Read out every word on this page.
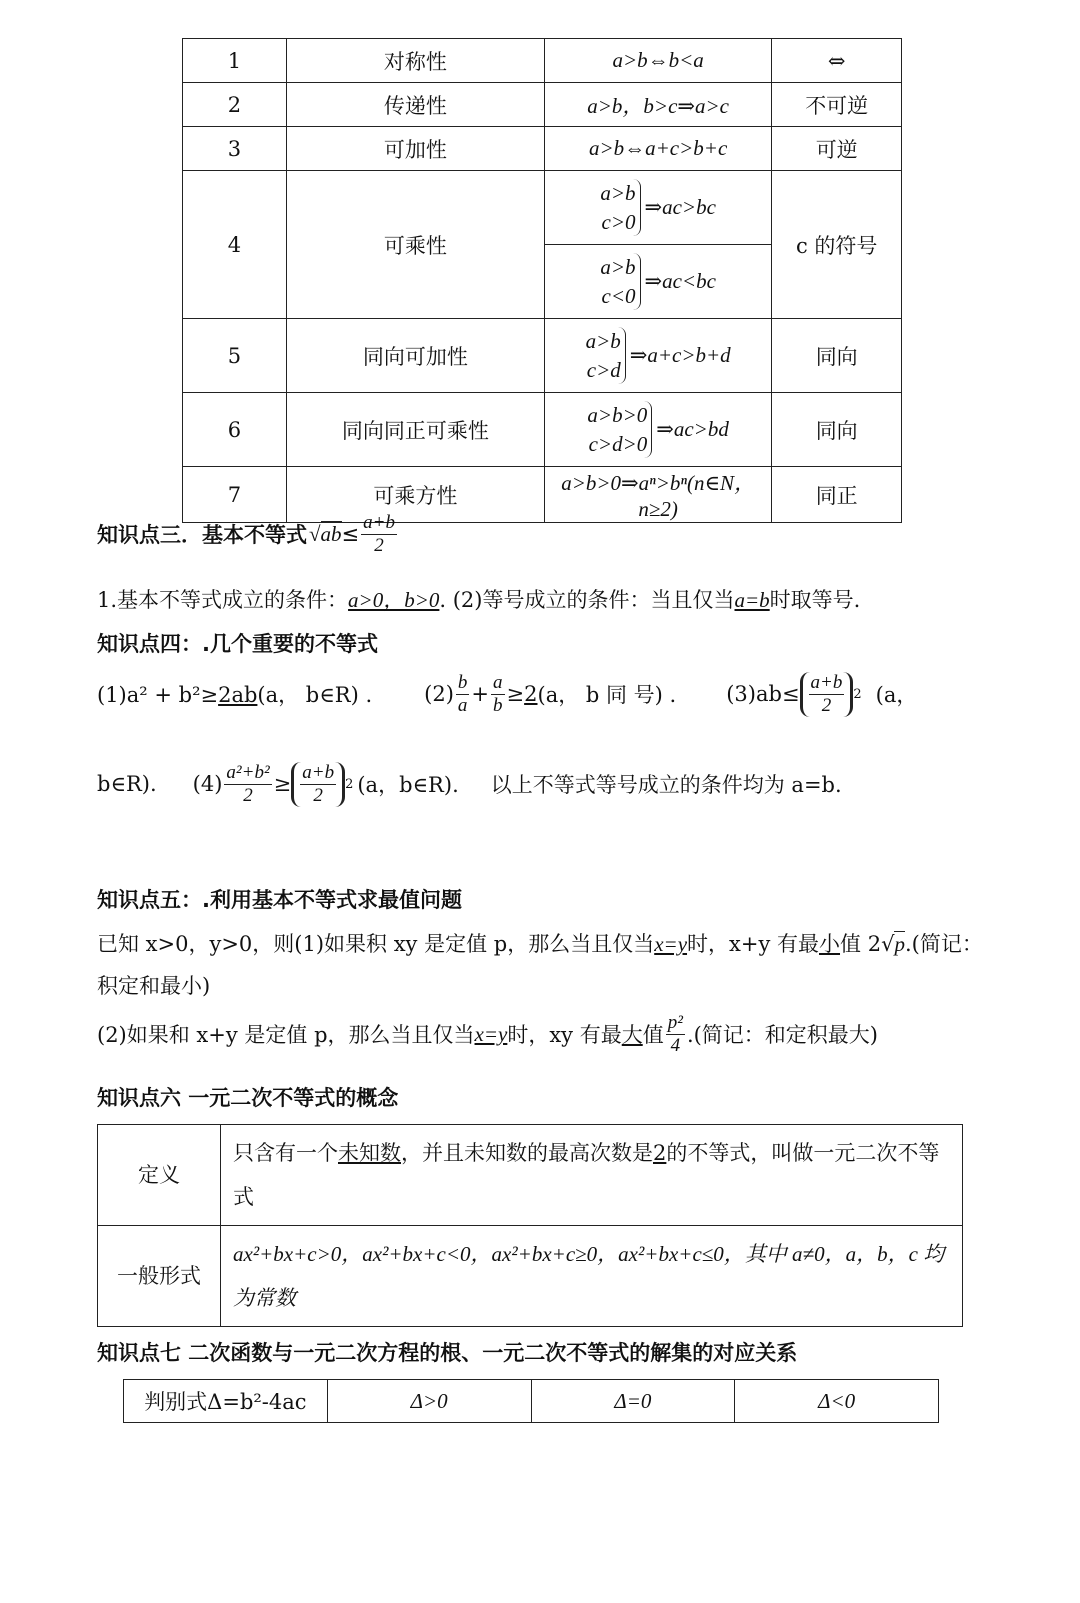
1	对称性	a>b⇔b<a	⇔
2	传递性	a>b，b>c⇒a>c	不可逆
3	可加性	a>b⇔a+c>b+c	可逆
4	可乘性	a>b
c>0
⇒ac>bc	c 的符号

		a>b
c<0
⇒ac<bc	

5	同向可加性	a>b
c>d
⇒a+c>b+d	同向
6	同向同正可乘性	a>b>0
c>d>0
⇒ac>bd	同向
7	可乘方性	a>b>0⇒aⁿ>bⁿ(n∈N，n≥2)	同正
知识点三．基本不等式 $√ab \le \frac{a+b}{2}$
1.基本不等式成立的条件：a>0，b>0. (2)等号成立的条件：当且仅当a=b时取等号.
知识点四：.几个重要的不等式
(1)a² + b²≥2ab(a， b∈R) . $(2) \frac{b}{a} + \frac{a}{b} \ge 2$ (a， b 同 号) . $(3)ab\le \frac{a+b}{2} 2$ (a，
b∈R). $(4) \frac{\text{a²+b²}}{2} \ge \frac{a+b}{2} 2$ (a，b∈R). 以上不等式等号成立的条件均为 a=b.
知识点五：.利用基本不等式求最值问题
已知 x>0，y>0，则(1)如果积 xy 是定值 p，那么当且仅当x=y时，x+y 有最小值 2√p.(简记：
积定和最小)
(2)如果和 x+y 是定值 p，那么当且仅当 x=y 时，xy 有最 大 值 $\frac{\text{p²}}{4}$ .(简记：和定积最大)
知识点六 一元二次不等式的概念
定义	只含有一个未知数，并且未知数的最高次数是2的不等式，叫做一元二次不等式
一般形式	ax²+bx+c>0，ax²+bx+c<0，ax²+bx+c≥0，ax²+bx+c≤0，其中 a≠0，a，b，c 均为常数
知识点七 二次函数与一元二次方程的根、一元二次不等式的解集的对应关系
判别式Δ=b²-4ac	Δ>0	Δ=0	Δ<0
